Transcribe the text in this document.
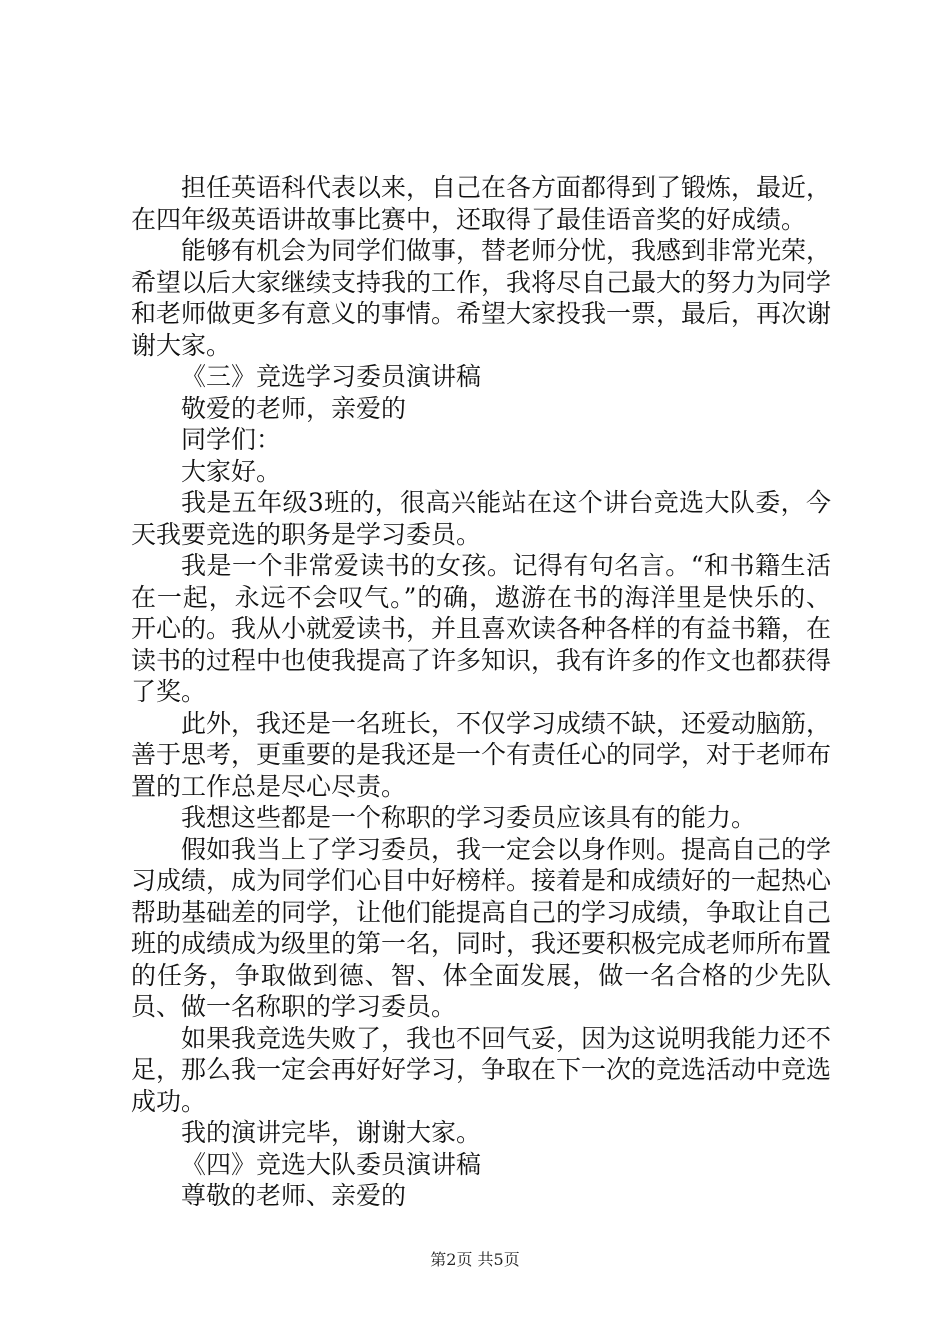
担任英语科代表以来，自己在各方面都得到了锻炼，最近，在四年级英语讲故事比赛中，还取得了最佳语音奖的好成绩。

能够有机会为同学们做事，替老师分忧，我感到非常光荣，希望以后大家继续支持我的工作，我将尽自己最大的努力为同学和老师做更多有意义的事情。希望大家投我一票，最后，再次谢谢大家。

《三》竞选学习委员演讲稿

敬爱的老师，亲爱的

同学们：

大家好。

我是五年级3班的，很高兴能站在这个讲台竞选大队委，今天我要竞选的职务是学习委员。

我是一个非常爱读书的女孩。记得有句名言。“和书籍生活在一起，永远不会叹气。”的确，遨游在书的海洋里是快乐的、开心的。我从小就爱读书，并且喜欢读各种各样的有益书籍，在读书的过程中也使我提高了许多知识，我有许多的作文也都获得了奖。

此外，我还是一名班长，不仅学习成绩不缺，还爱动脑筋，善于思考，更重要的是我还是一个有责任心的同学，对于老师布置的工作总是尽心尽责。

我想这些都是一个称职的学习委员应该具有的能力。

假如我当上了学习委员，我一定会以身作则。提高自己的学习成绩，成为同学们心目中好榜样。接着是和成绩好的一起热心帮助基础差的同学，让他们能提高自己的学习成绩，争取让自己班的成绩成为级里的第一名，同时，我还要积极完成老师所布置的任务，争取做到德、智、体全面发展，做一名合格的少先队员、做一名称职的学习委员。

如果我竞选失败了，我也不回气妥，因为这说明我能力还不足，那么我一定会再好好学习，争取在下一次的竞选活动中竞选成功。

我的演讲完毕，谢谢大家。

《四》竞选大队委员演讲稿

尊敬的老师、亲爱的

第2页 共5页
